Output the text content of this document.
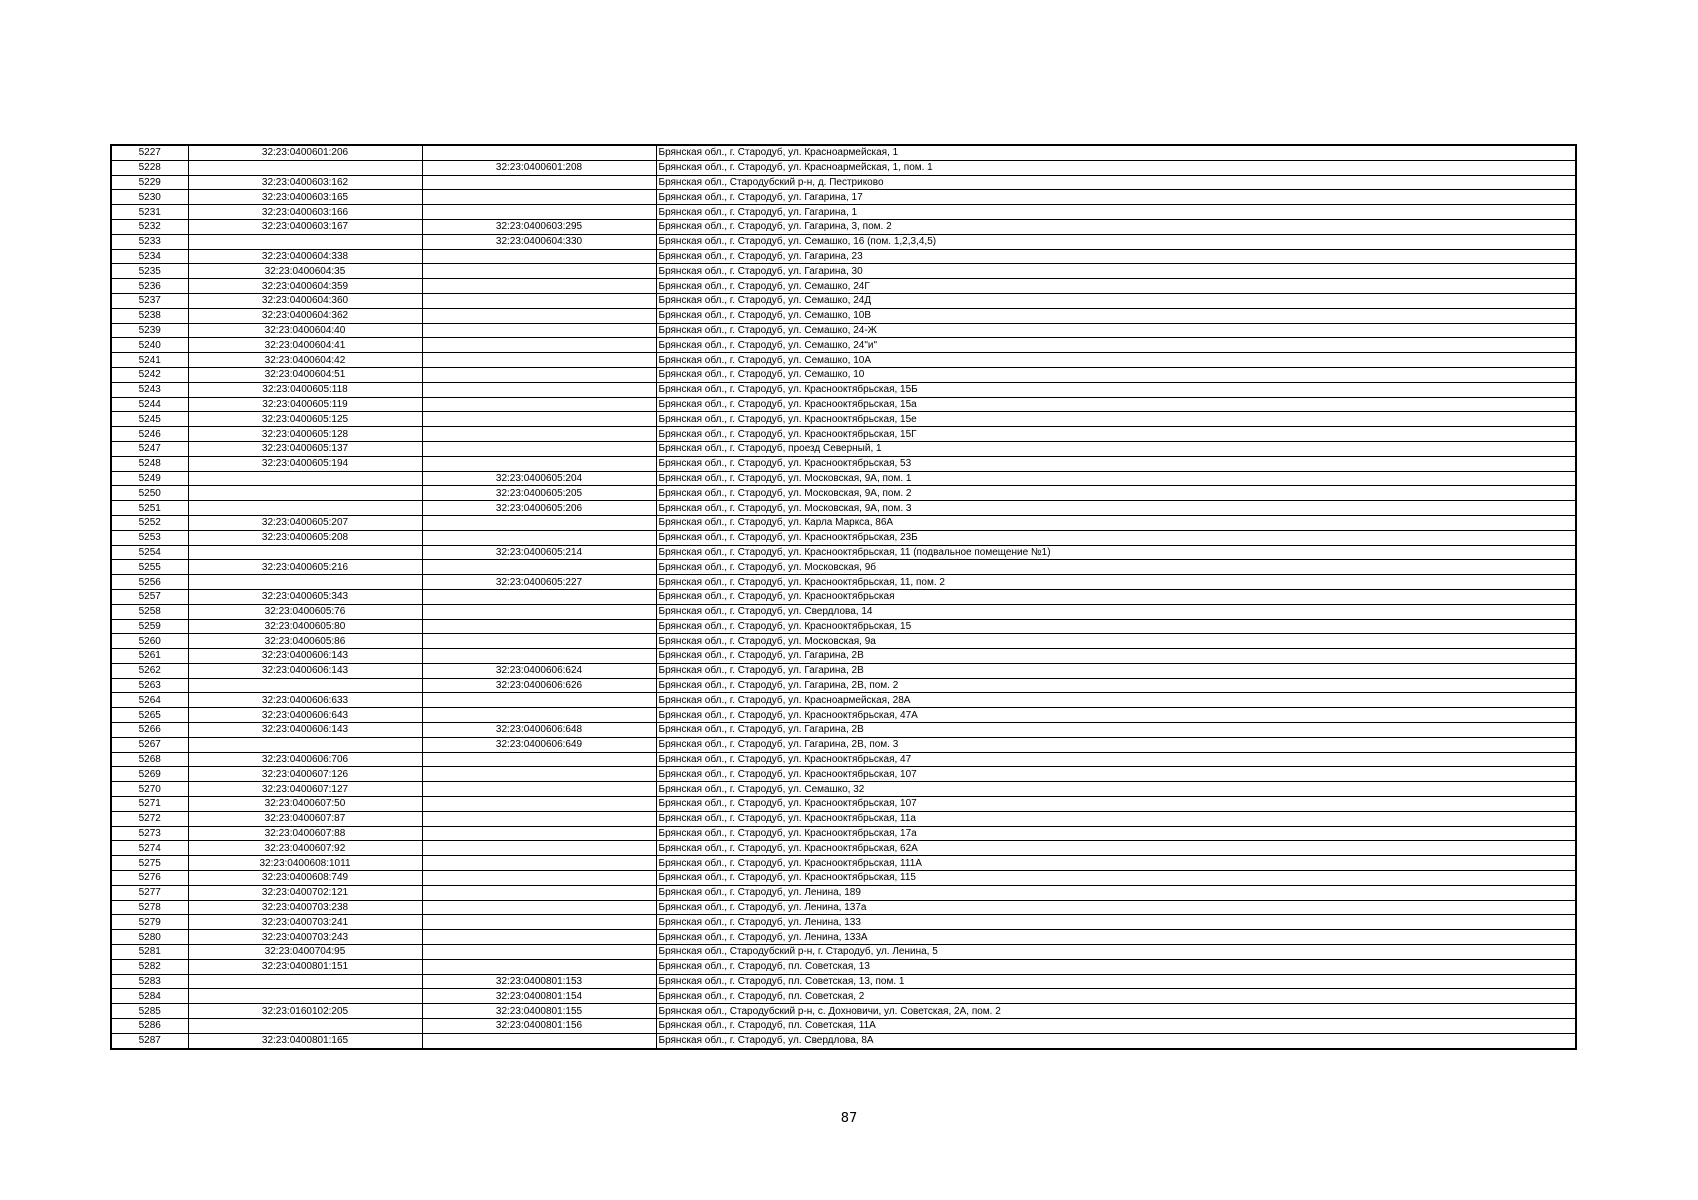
5227	32:23:0400601:206		Брянская обл., г. Стародуб, ул. Красноармейская, 1
5228		32:23:0400601:208	Брянская обл., г. Стародуб, ул. Красноармейская, 1, пом. 1
5229	32:23:0400603:162		Брянская обл., Стародубский р-н, д. Пестриково
5230	32:23:0400603:165		Брянская обл., г. Стародуб, ул. Гагарина, 17
5231	32:23:0400603:166		Брянская обл., г. Стародуб, ул. Гагарина, 1
5232	32:23:0400603:167	32:23:0400603:295	Брянская обл., г. Стародуб, ул. Гагарина, 3, пом. 2
5233		32:23:0400604:330	Брянская обл., г. Стародуб, ул. Семашко, 16 (пом. 1,2,3,4,5)
5234	32:23:0400604:338		Брянская обл., г. Стародуб, ул. Гагарина, 23
5235	32:23:0400604:35		Брянская обл., г. Стародуб, ул. Гагарина, 30
5236	32:23:0400604:359		Брянская обл., г. Стародуб, ул. Семашко, 24Г
5237	32:23:0400604:360		Брянская обл., г. Стародуб, ул. Семашко, 24Д
5238	32:23:0400604:362		Брянская обл., г. Стародуб, ул. Семашко, 10В
5239	32:23:0400604:40		Брянская обл., г. Стародуб, ул. Семашко, 24-Ж
5240	32:23:0400604:41		Брянская обл., г. Стародуб, ул. Семашко, 24"и"
5241	32:23:0400604:42		Брянская обл., г. Стародуб, ул. Семашко, 10А
5242	32:23:0400604:51		Брянская обл., г. Стародуб, ул. Семашко, 10
5243	32:23:0400605:118		Брянская обл., г. Стародуб, ул. Краснооктябрьская, 15Б
5244	32:23:0400605:119		Брянская обл., г. Стародуб, ул. Краснооктябрьская, 15а
5245	32:23:0400605:125		Брянская обл., г. Стародуб, ул. Краснооктябрьская, 15е
5246	32:23:0400605:128		Брянская обл., г. Стародуб, ул. Краснооктябрьская, 15Г
5247	32:23:0400605:137		Брянская обл., г. Стародуб, проезд Северный, 1
5248	32:23:0400605:194		Брянская обл., г. Стародуб, ул. Краснооктябрьская, 53
5249		32:23:0400605:204	Брянская обл., г. Стародуб, ул. Московская, 9А, пом. 1
5250		32:23:0400605:205	Брянская обл., г. Стародуб, ул. Московская, 9А, пом. 2
5251		32:23:0400605:206	Брянская обл., г. Стародуб, ул. Московская, 9А, пом. 3
5252	32:23:0400605:207		Брянская обл., г. Стародуб, ул. Карла Маркса, 86А
5253	32:23:0400605:208		Брянская обл., г. Стародуб, ул. Краснооктябрьская, 23Б
5254		32:23:0400605:214	Брянская обл., г. Стародуб, ул. Краснооктябрьская, 11 (подвальное помещение №1)
5255	32:23:0400605:216		Брянская обл., г. Стародуб, ул. Московская, 9б
5256		32:23:0400605:227	Брянская обл., г. Стародуб, ул. Краснооктябрьская, 11, пом. 2
5257	32:23:0400605:343		Брянская обл., г. Стародуб, ул. Краснооктябрьская
5258	32:23:0400605:76		Брянская обл., г. Стародуб, ул. Свердлова, 14
5259	32:23:0400605:80		Брянская обл., г. Стародуб, ул. Краснооктябрьская, 15
5260	32:23:0400605:86		Брянская обл., г. Стародуб, ул. Московская, 9а
5261	32:23:0400606:143		Брянская обл., г. Стародуб, ул. Гагарина, 2В
5262	32:23:0400606:143	32:23:0400606:624	Брянская обл., г. Стародуб, ул. Гагарина, 2В
5263		32:23:0400606:626	Брянская обл., г. Стародуб, ул. Гагарина, 2В, пом. 2
5264	32:23:0400606:633		Брянская обл., г. Стародуб, ул. Красноармейская, 28А
5265	32:23:0400606:643		Брянская обл., г. Стародуб, ул. Краснооктябрьская, 47А
5266	32:23:0400606:143	32:23:0400606:648	Брянская обл., г. Стародуб, ул. Гагарина, 2В
5267		32:23:0400606:649	Брянская обл., г. Стародуб, ул. Гагарина, 2В, пом. 3
5268	32:23:0400606:706		Брянская обл., г. Стародуб, ул. Краснооктябрьская, 47
5269	32:23:0400607:126		Брянская обл., г. Стародуб, ул. Краснооктябрьская, 107
5270	32:23:0400607:127		Брянская обл., г. Стародуб, ул. Семашко, 32
5271	32:23:0400607:50		Брянская обл., г. Стародуб, ул. Краснооктябрьская, 107
5272	32:23:0400607:87		Брянская обл., г. Стародуб, ул. Краснооктябрьская, 11а
5273	32:23:0400607:88		Брянская обл., г. Стародуб, ул. Краснооктябрьская, 17а
5274	32:23:0400607:92		Брянская обл., г. Стародуб, ул. Краснооктябрьская, 62А
5275	32:23:0400608:1011		Брянская обл., г. Стародуб, ул. Краснооктябрьская, 111А
5276	32:23:0400608:749		Брянская обл., г. Стародуб, ул. Краснооктябрьская, 115
5277	32:23:0400702:121		Брянская обл., г. Стародуб, ул. Ленина, 189
5278	32:23:0400703:238		Брянская обл., г. Стародуб, ул. Ленина, 137а
5279	32:23:0400703:241		Брянская обл., г. Стародуб, ул. Ленина, 133
5280	32:23:0400703:243		Брянская обл., г. Стародуб, ул. Ленина, 133А
5281	32:23:0400704:95		Брянская обл., Стародубский р-н, г. Стародуб, ул. Ленина, 5
5282	32:23:0400801:151		Брянская обл., г. Стародуб, пл. Советская, 13
5283		32:23:0400801:153	Брянская обл., г. Стародуб, пл. Советская, 13, пом. 1
5284		32:23:0400801:154	Брянская обл., г. Стародуб, пл. Советская, 2
5285	32:23:0160102:205	32:23:0400801:155	Брянская обл., Стародубский р-н, с. Дохновичи, ул. Советская, 2А, пом. 2
5286		32:23:0400801:156	Брянская обл., г. Стародуб, пл. Советская, 11А
5287	32:23:0400801:165		Брянская обл., г. Стародуб, ул. Свердлова, 8А
87
